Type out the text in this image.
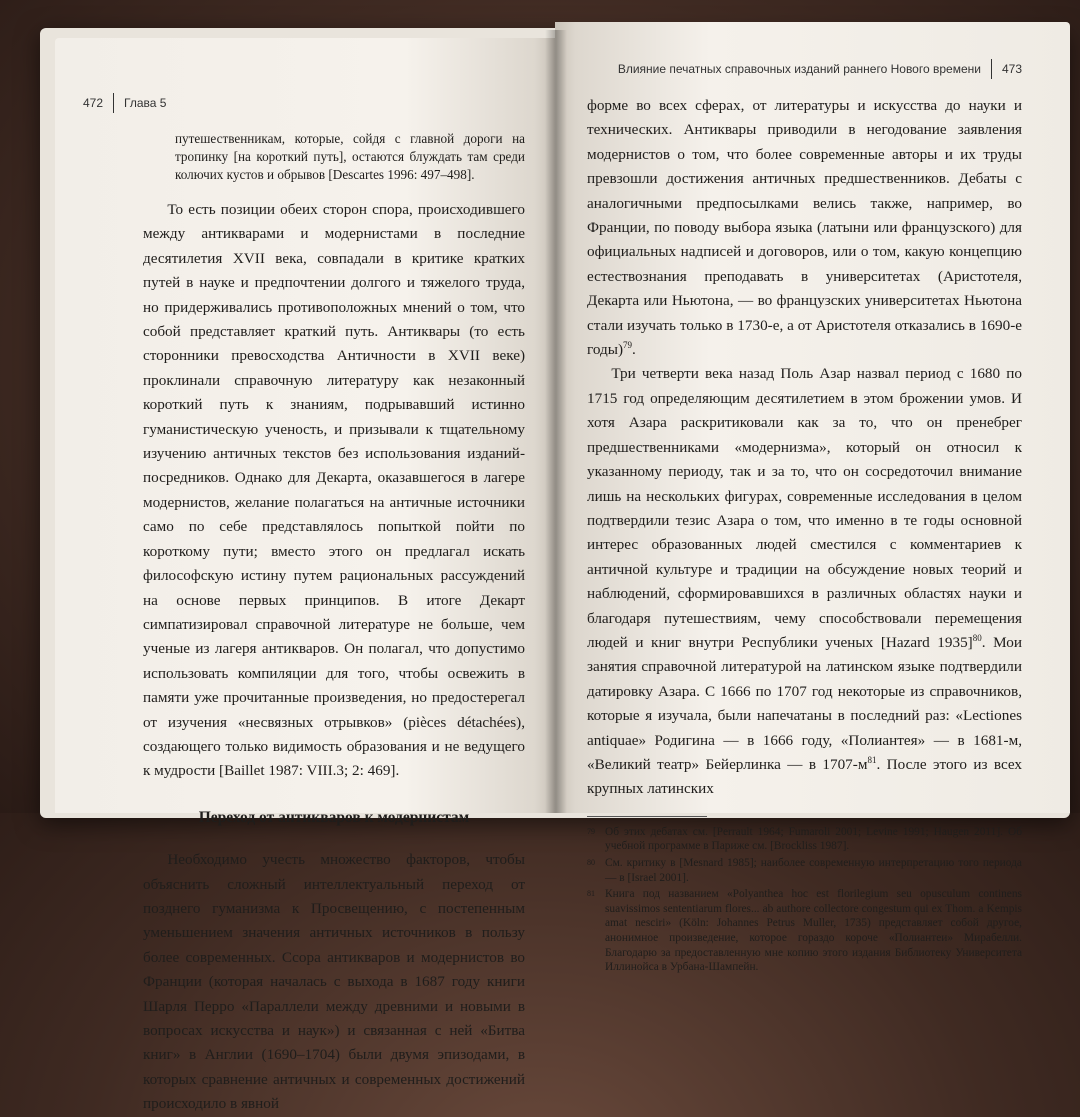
472 Глава 5
путешественникам, которые, сойдя с главной дороги на тропинку [на короткий путь], остаются блуждать там среди колючих кустов и обрывов [Descartes 1996: 497–498].

То есть позиции обеих сторон спора, происходившего между антикварами и модернистами в последние десятилетия XVII века, совпадали в критике кратких путей в науке и предпочтении долгого и тяжелого труда, но придерживались противоположных мнений о том, что собой представляет краткий путь. Антиквары (то есть сторонники превосходства Античности в XVII веке) проклинали справочную литературу как незаконный короткий путь к знаниям, подрывавший истинно гуманистическую ученость, и призывали к тщательному изучению античных текстов без использования изданий-посредников. Однако для Декарта, оказавшегося в лагере модернистов, желание полагаться на античные источники само по себе представлялось попыткой пойти по короткому пути; вместо этого он предлагал искать философскую истину путем рациональных рассуждений на основе первых принципов. В итоге Декарт симпатизировал справочной литературе не больше, чем ученые из лагеря антикваров. Он полагал, что допустимо использовать компиляции для того, чтобы освежить в памяти уже прочитанные произведения, но предостерегал от изучения «несвязных отрывков» (pièces détachées), создающего только видимость образования и не ведущего к мудрости [Baillet 1987: VIII.3; 2: 469].

Переход от антикваров к модернистам

Необходимо учесть множество факторов, чтобы объяснить сложный интеллектуальный переход от позднего гуманизма к Просвещению, с постепенным уменьшением значения античных источников в пользу более современных. Ссора антикваров и модернистов во Франции (которая началась с выхода в 1687 году книги Шарля Перро «Параллели между древними и новыми в вопросах искусства и наук») и связанная с ней «Битва книг» в Англии (1690–1704) были двумя эпизодами, в которых сравнение античных и современных достижений происходило в явной

Влияние печатных справочных изданий раннего Нового времени 473

форме во всех сферах, от литературы и искусства до науки и технических. Антиквары приводили в негодование заявления модернистов о том, что более современные авторы и их труды превзошли достижения античных предшественников. Дебаты с аналогичными предпосылками велись также, например, во Франции, по поводу выбора языка (латыни или французского) для официальных надписей и договоров, или о том, какую концепцию естествознания преподавать в университетах (Аристотеля, Декарта или Ньютона, — во французских университетах Ньютона стали изучать только в 1730-е, а от Аристотеля отказались в 1690-е годы)$^{79}$.

Три четверти века назад Поль Азар назвал период с 1680 по 1715 год определяющим десятилетием в этом брожении умов. И хотя Азара раскритиковали как за то, что он пренебрег предшественниками «модернизма», который он относил к указанному периоду, так и за то, что он сосредоточил внимание лишь на нескольких фигурах, современные исследования в целом подтвердили тезис Азара о том, что именно в те годы основной интерес образованных людей сместился с комментариев к античной культуре и традиции на обсуждение новых теорий и наблюдений, сформировавшихся в различных областях науки и благодаря путешествиям, чему способствовали перемещения людей и книг внутри Республики ученых [Hazard 1935]$^{80}$. Мои занятия справочной литературой на латинском языке подтвердили датировку Азара. С 1666 по 1707 год некоторые из справочников, которые я изучала, были напечатаны в последний раз: «Lectiones antiquae» Родигина — в 1666 году, «Полиантея» — в 1681-м, «Великий театр» Бейерлинка — в $1707-м^{81}$. После этого из всех крупных латинских

79 Об этих дебатах см. [Perrault 1964; Fumaroli 2001; Levine 1991; Haugen 2011]. Об учебной программе в Париже см. [Brockliss 1987].
80 См. критику в [Mesnard 1985]; наиболее современную интерпретацию того периода — в [Israel 2001].
81 Книга под названием «Polyanthea hoc est florilegium seu opusculum continens suavissimos sententiarum flores... ab authore collectore congestum qui ex Thom. a Kempis amat nesciri» (Köln: Johannes Petrus Muller, 1735) представляет собой другое, анонимное произведение, которое гораздо короче «Полиантеи» Мирабелли. Благодарю за предоставленную мне копию этого издания Библиотеку Университета Иллинойса в Урбана-Шампейн.
